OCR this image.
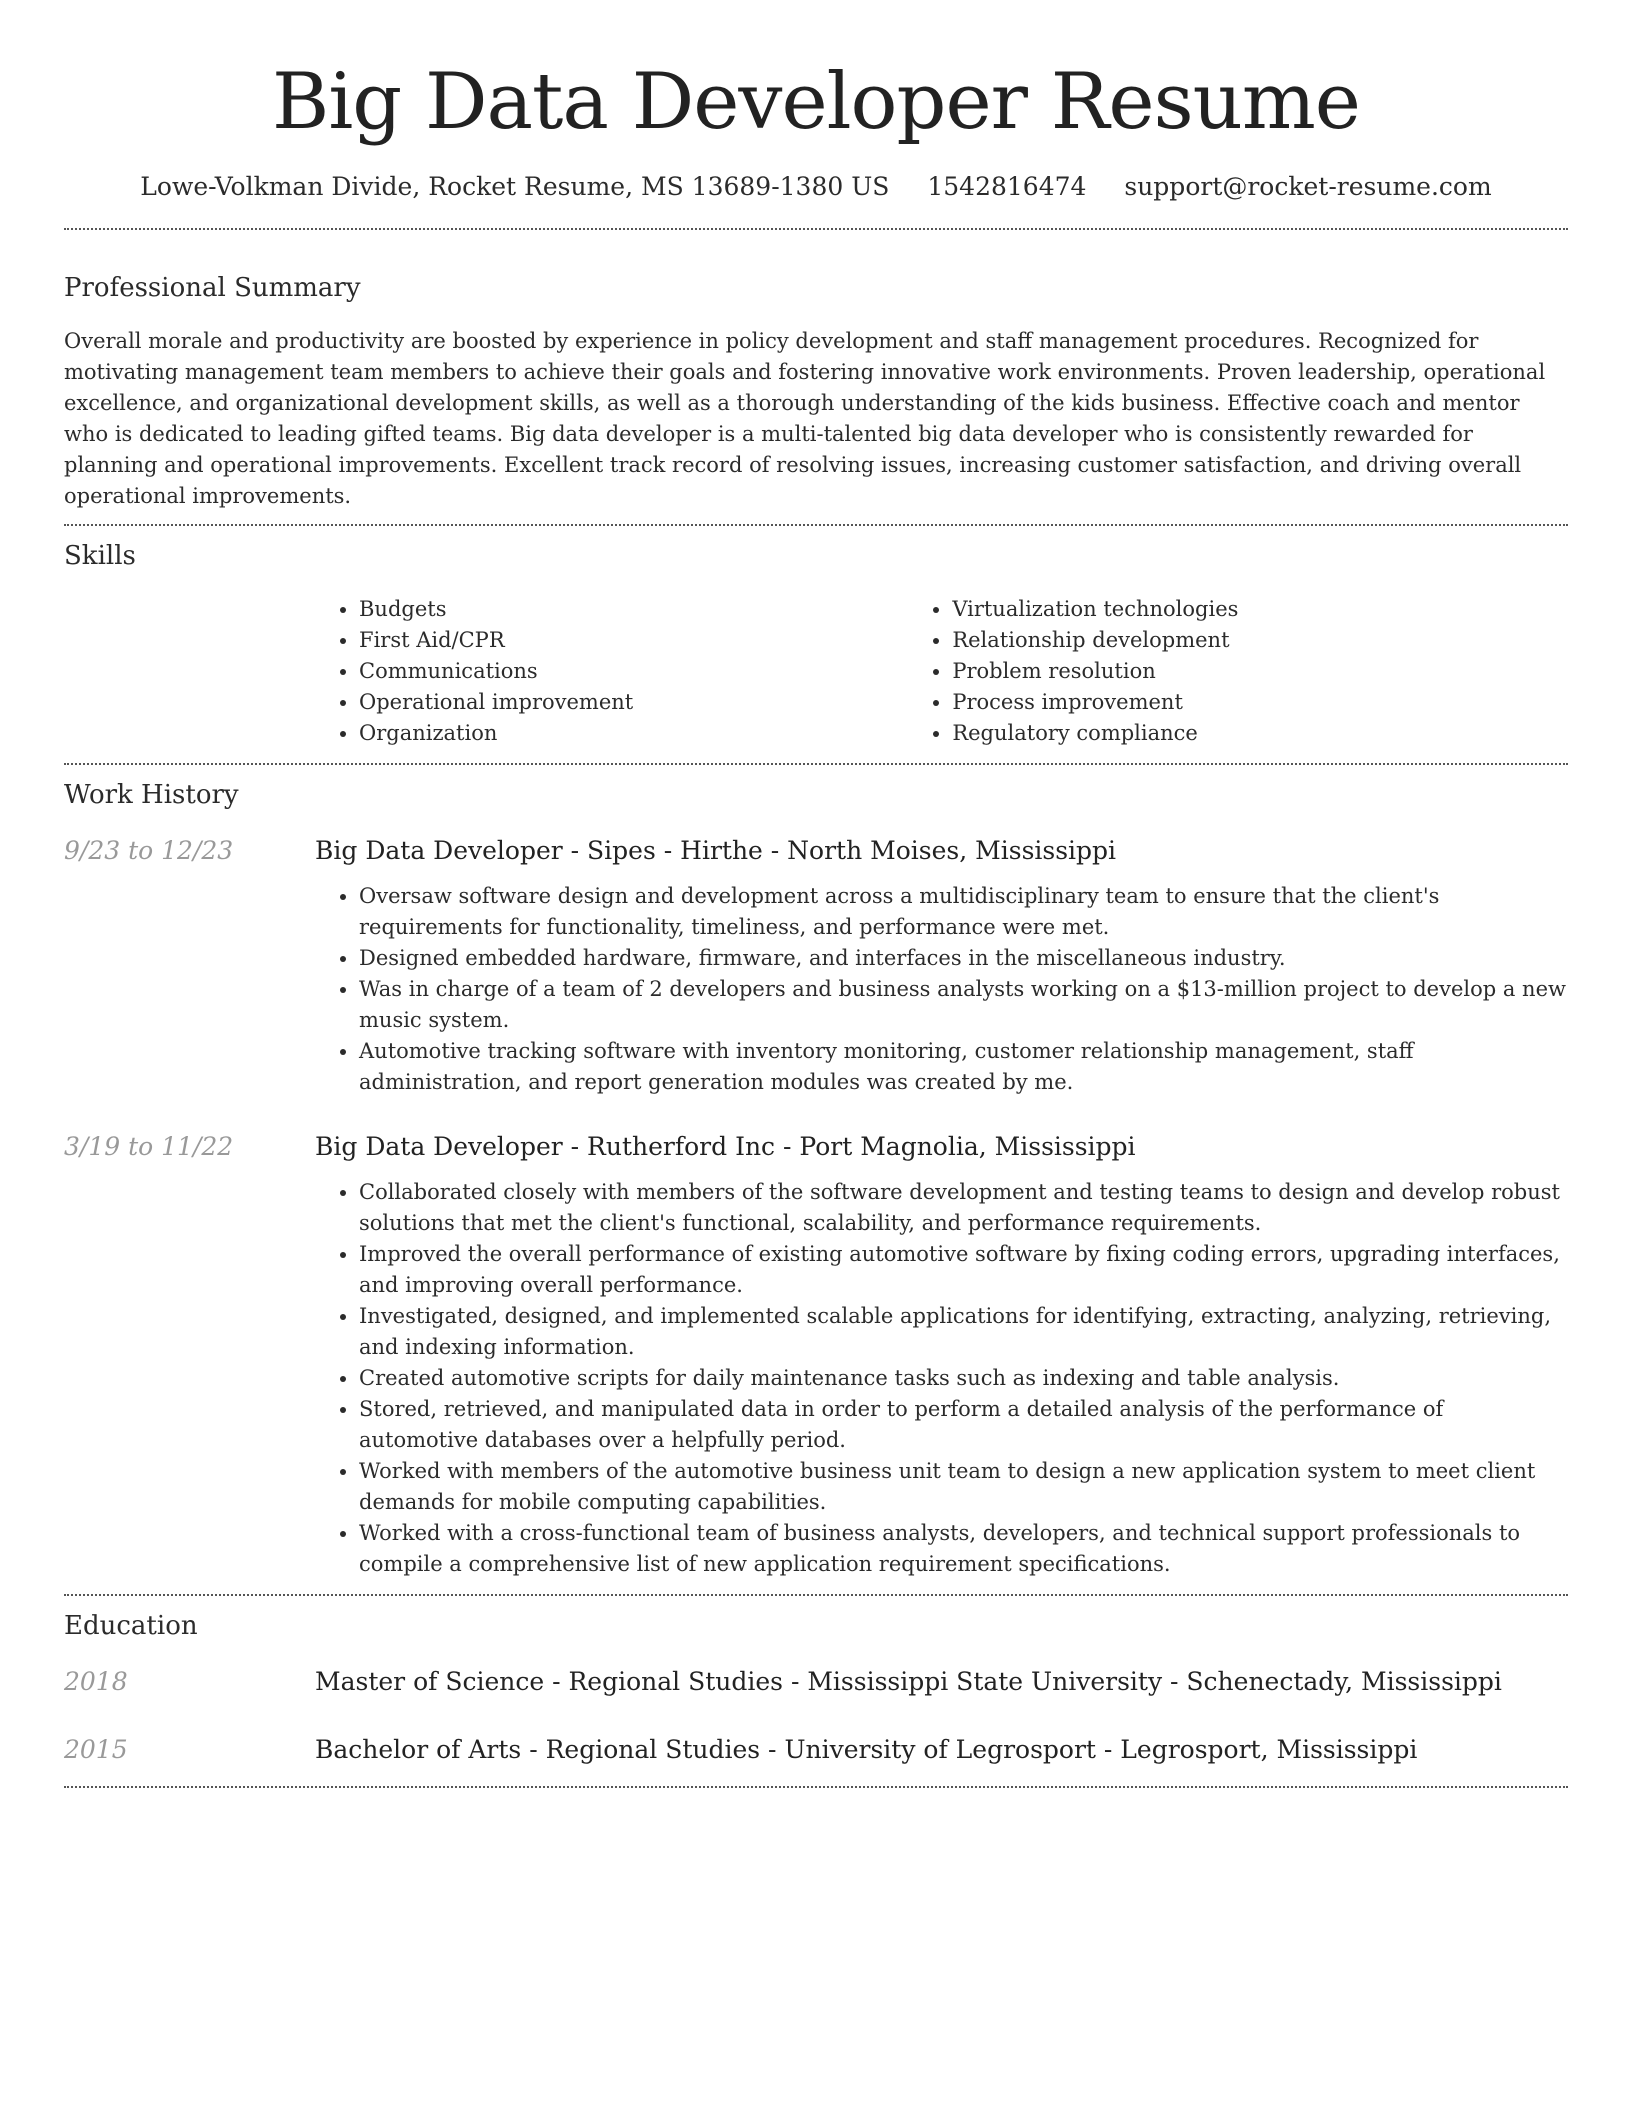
Big Data Developer Resume
Lowe-Volkman Divide, Rocket Resume, MS 13689-1380 US 1542816474 support@rocket-resume.com
Professional Summary

Overall morale and productivity are boosted by experience in policy development and staff management procedures. Recognized for motivating management team members to achieve their goals and fostering innovative work environments. Proven leadership, operational excellence, and organizational development skills, as well as a thorough understanding of the kids business. Effective coach and mentor who is dedicated to leading gifted teams. Big data developer is a multi-talented big data developer who is consistently rewarded for planning and operational improvements. Excellent track record of resolving issues, increasing customer satisfaction, and driving overall operational improvements.

Skills
• Budgets
• First Aid/CPR
• Communications
• Operational improvement
• Organization
• Virtualization technologies
• Relationship development
• Problem resolution
• Process improvement
• Regulatory compliance
Work History
9/23 to 12/23	Big Data Developer - Sipes - Hirthe - North Moises, Mississippi
• Oversaw software design and development across a multidisciplinary team to ensure that the client's requirements for functionality, timeliness, and performance were met.
• Designed embedded hardware, firmware, and interfaces in the miscellaneous industry.
• Was in charge of a team of 2 developers and business analysts working on a $13-million project to develop a new music system.
• Automotive tracking software with inventory monitoring, customer relationship management, staff administration, and report generation modules was created by me.
3/19 to 11/22	Big Data Developer - Rutherford Inc - Port Magnolia, Mississippi
• Collaborated closely with members of the software development and testing teams to design and develop robust solutions that met the client's functional, scalability, and performance requirements.
• Improved the overall performance of existing automotive software by fixing coding errors, upgrading interfaces, and improving overall performance.
• Investigated, designed, and implemented scalable applications for identifying, extracting, analyzing, retrieving, and indexing information.
• Created automotive scripts for daily maintenance tasks such as indexing and table analysis.
• Stored, retrieved, and manipulated data in order to perform a detailed analysis of the performance of automotive databases over a helpfully period.
• Worked with members of the automotive business unit team to design a new application system to meet client demands for mobile computing capabilities.
• Worked with a cross-functional team of business analysts, developers, and technical support professionals to compile a comprehensive list of new application requirement specifications.
Education
2018	Master of Science - Regional Studies - Mississippi State University - Schenectady, Mississippi
2015	Bachelor of Arts - Regional Studies - University of Legrosport - Legrosport, Mississippi
